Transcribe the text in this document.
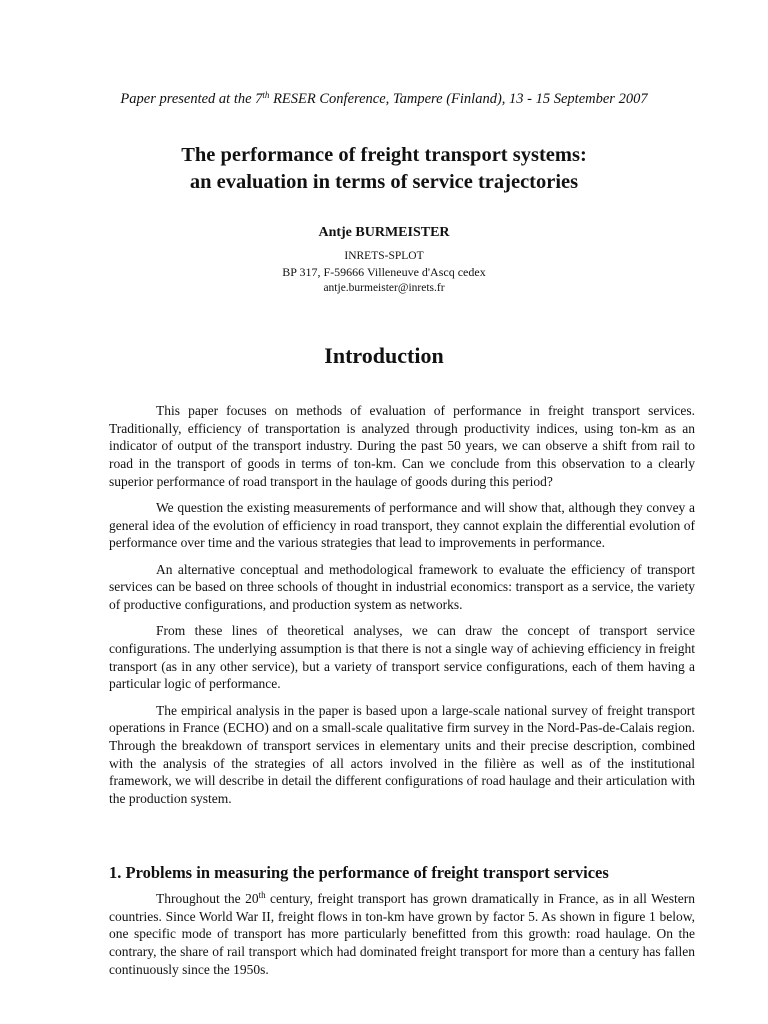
Paper presented at the 7th RESER Conference, Tampere (Finland), 13 - 15 September 2007
The performance of freight transport systems:
an evaluation in terms of service trajectories
Antje BURMEISTER
INRETS-SPLOT
BP 317, F-59666 Villeneuve d'Ascq cedex
antje.burmeister@inrets.fr
Introduction

This paper focuses on methods of evaluation of performance in freight transport services. Traditionally, efficiency of transportation is analyzed through productivity indices, using ton-km as an indicator of output of the transport industry. During the past 50 years, we can observe a shift from rail to road in the transport of goods in terms of ton-km. Can we conclude from this observation to a clearly superior performance of road transport in the haulage of goods during this period?

We question the existing measurements of performance and will show that, although they convey a general idea of the evolution of efficiency in road transport, they cannot explain the differential evolution of performance over time and the various strategies that lead to improvements in performance.

An alternative conceptual and methodological framework to evaluate the efficiency of transport services can be based on three schools of thought in industrial economics: transport as a service, the variety of productive configurations, and production system as networks.

From these lines of theoretical analyses, we can draw the concept of transport service configurations. The underlying assumption is that there is not a single way of achieving efficiency in freight transport (as in any other service), but a variety of transport service configurations, each of them having a particular logic of performance.

The empirical analysis in the paper is based upon a large-scale national survey of freight transport operations in France (ECHO) and on a small-scale qualitative firm survey in the Nord-Pas-de-Calais region. Through the breakdown of transport services in elementary units and their precise description, combined with the analysis of the strategies of all actors involved in the filière as well as of the institutional framework, we will describe in detail the different configurations of road haulage and their articulation with the production system.

1. Problems in measuring the performance of freight transport services

Throughout the 20th century, freight transport has grown dramatically in France, as in all Western countries. Since World War II, freight flows in ton-km have grown by factor 5. As shown in figure 1 below, one specific mode of transport has more particularly benefitted from this growth: road haulage. On the contrary, the share of rail transport which had dominated freight transport for more than a century has fallen continuously since the 1950s.
